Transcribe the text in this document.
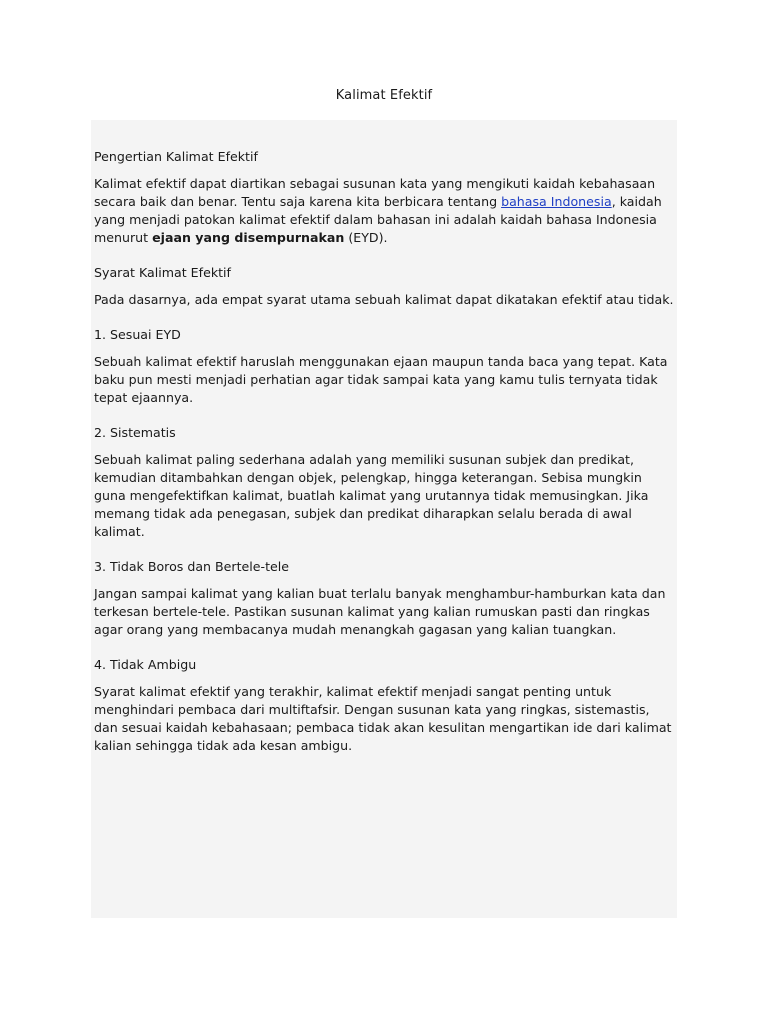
Kalimat Efektif
Pengertian Kalimat Efektif
Kalimat efektif dapat diartikan sebagai susunan kata yang mengikuti kaidah kebahasaan secara baik dan benar. Tentu saja karena kita berbicara tentang bahasa Indonesia, kaidah yang menjadi patokan kalimat efektif dalam bahasan ini adalah kaidah bahasa Indonesia menurut ejaan yang disempurnakan (EYD).
Syarat Kalimat Efektif
Pada dasarnya, ada empat syarat utama sebuah kalimat dapat dikatakan efektif atau tidak.
1. Sesuai EYD
Sebuah kalimat efektif haruslah menggunakan ejaan maupun tanda baca yang tepat. Kata baku pun mesti menjadi perhatian agar tidak sampai kata yang kamu tulis ternyata tidak tepat ejaannya.
2. Sistematis
Sebuah kalimat paling sederhana adalah yang memiliki susunan subjek dan predikat, kemudian ditambahkan dengan objek, pelengkap, hingga keterangan. Sebisa mungkin guna mengefektifkan kalimat, buatlah kalimat yang urutannya tidak memusingkan. Jika memang tidak ada penegasan, subjek dan predikat diharapkan selalu berada di awal kalimat.
3. Tidak Boros dan Bertele-tele
Jangan sampai kalimat yang kalian buat terlalu banyak menghambur-hamburkan kata dan terkesan bertele-tele. Pastikan susunan kalimat yang kalian rumuskan pasti dan ringkas agar orang yang membacanya mudah menangkah gagasan yang kalian tuangkan.
4. Tidak Ambigu
Syarat kalimat efektif yang terakhir, kalimat efektif menjadi sangat penting untuk menghindari pembaca dari multiftafsir. Dengan susunan kata yang ringkas, sistemastis, dan sesuai kaidah kebahasaan; pembaca tidak akan kesulitan mengartikan ide dari kalimat kalian sehingga tidak ada kesan ambigu.
